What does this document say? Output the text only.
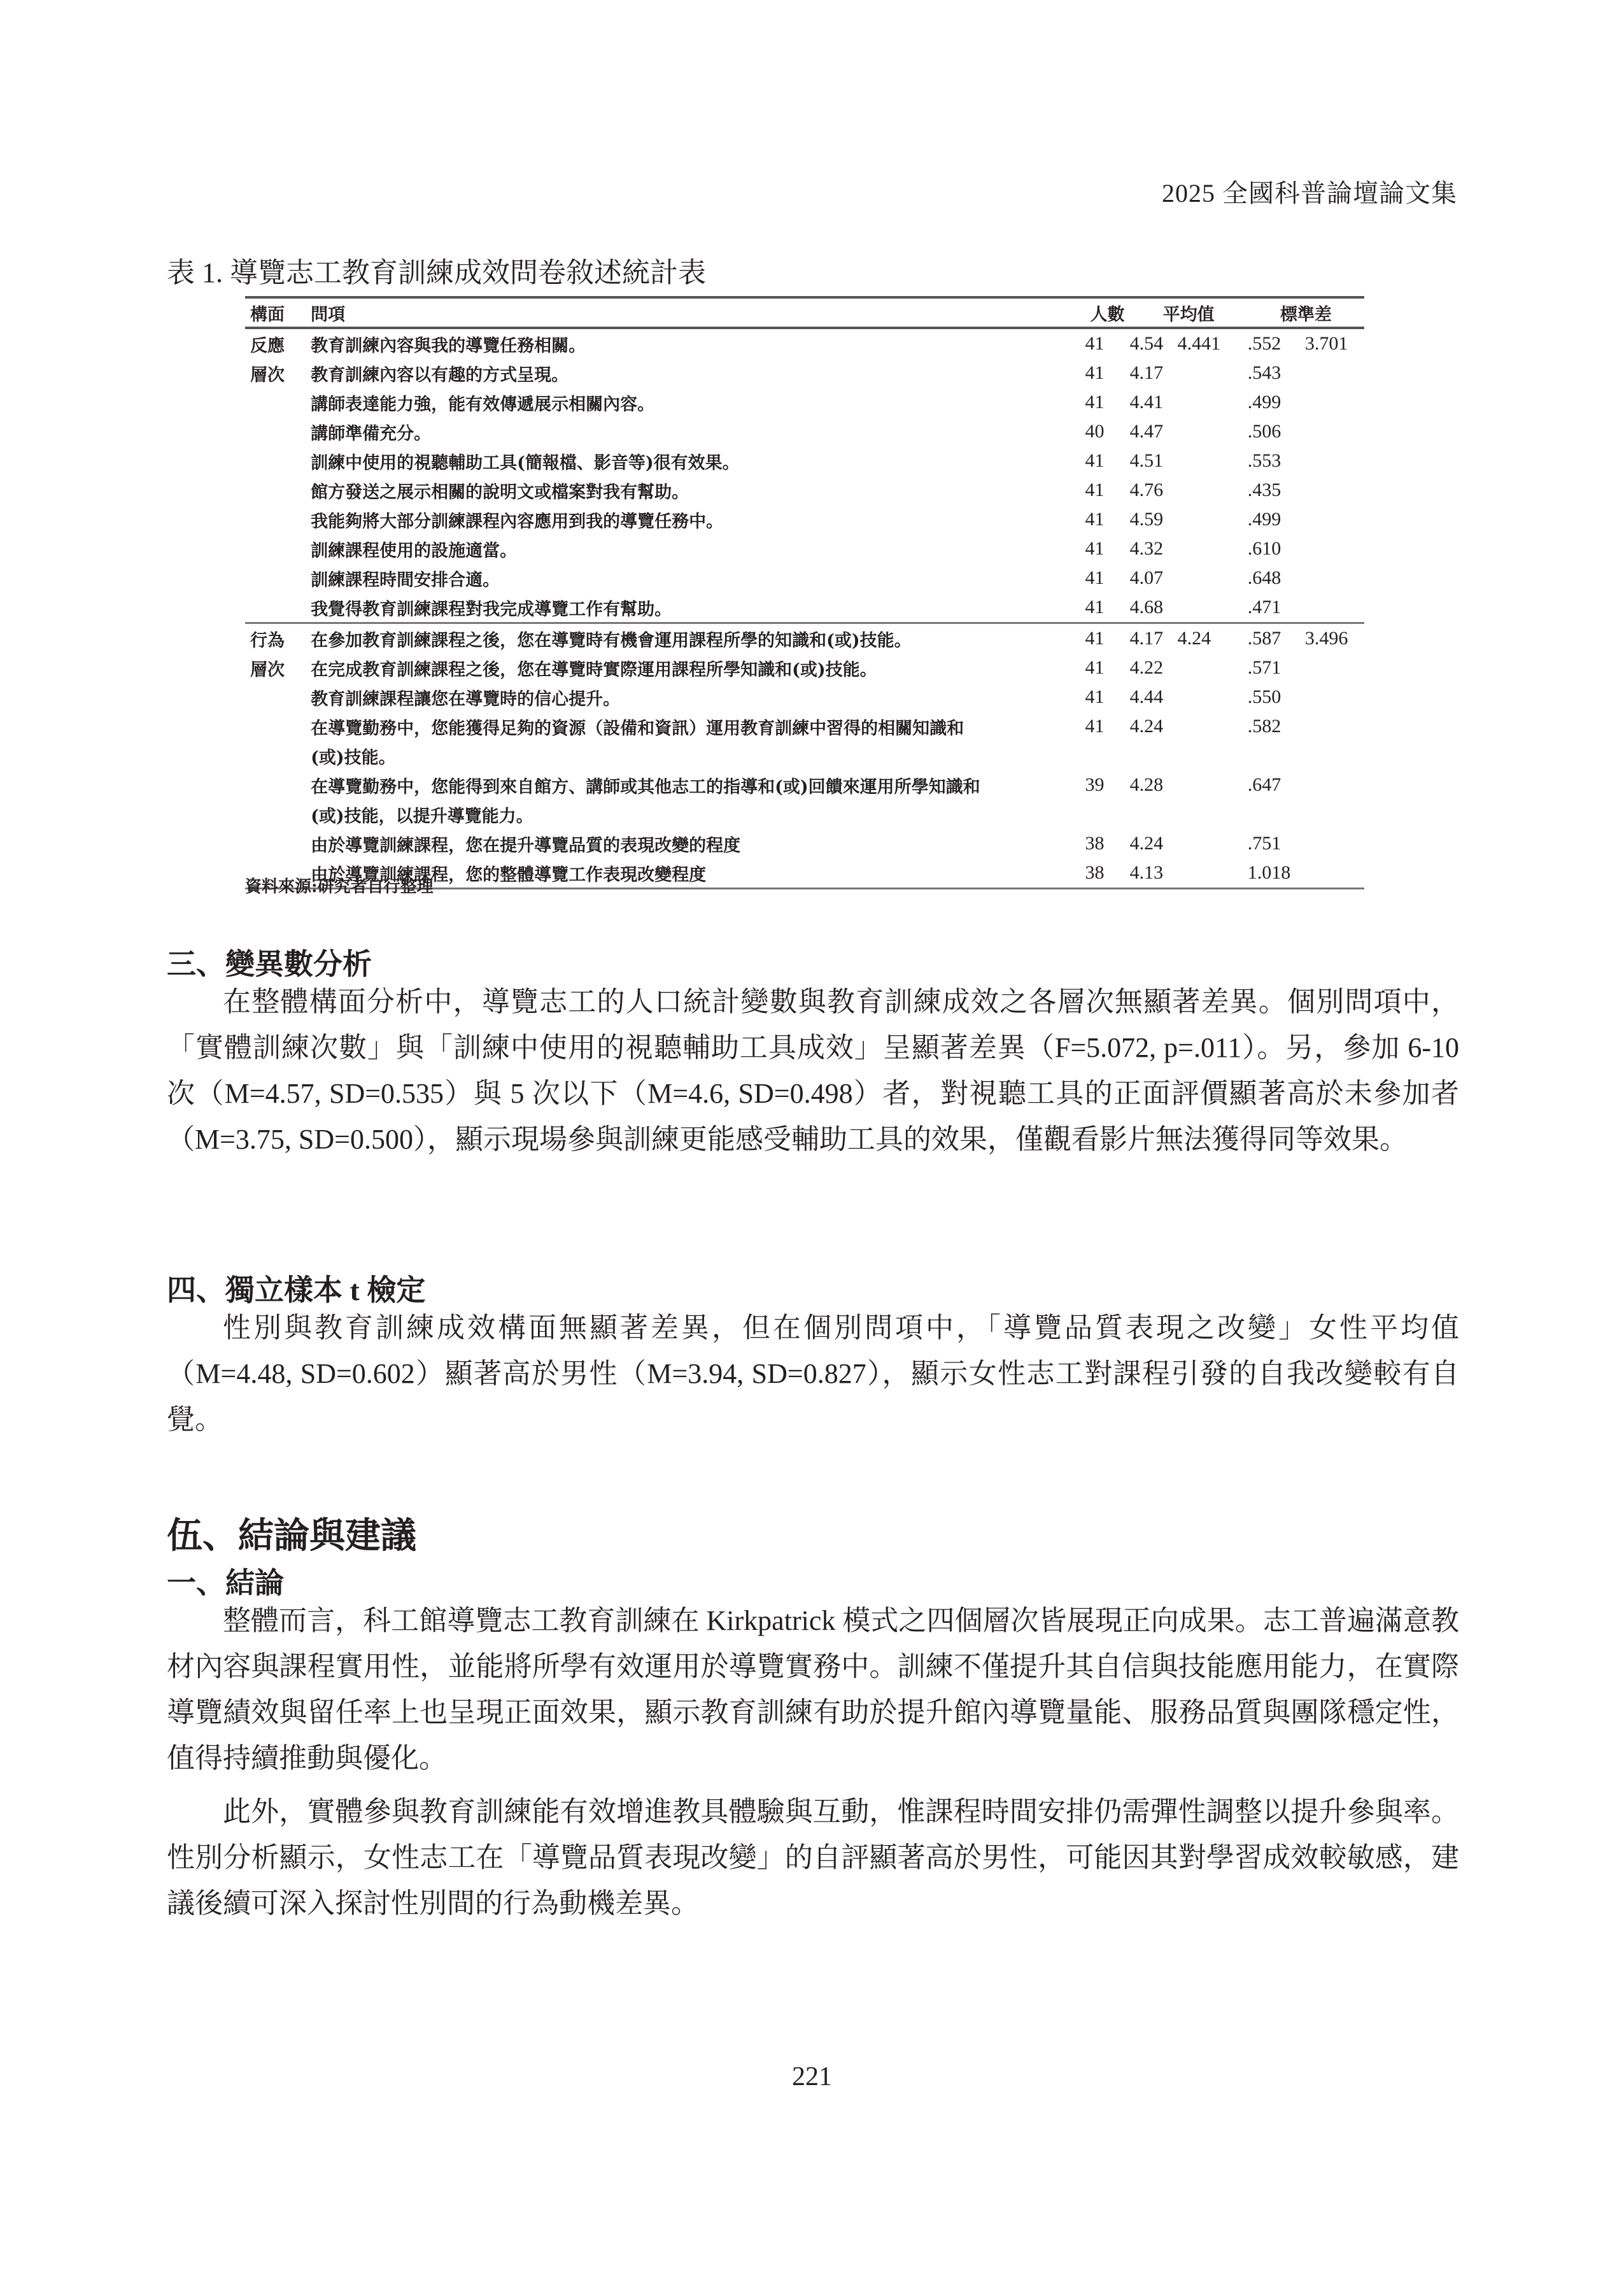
2025 全國科普論壇論文集
表 1. 導覽志工教育訓練成效問卷敘述統計表
構面	問項	人數	平均值		標準差	
反應	教育訓練內容與我的導覽任務相關。	41	4.54	4.441	.552	3.701
層次	教育訓練內容以有趣的方式呈現。	41	4.17		.543	
	講師表達能力強，能有效傳遞展示相關內容。	41	4.41		.499	
	講師準備充分。	40	4.47		.506	
	訓練中使用的視聽輔助工具(簡報檔、影音等)很有效果。	41	4.51		.553	
	館方發送之展示相關的說明文或檔案對我有幫助。	41	4.76		.435	
	我能夠將大部分訓練課程內容應用到我的導覽任務中。	41	4.59		.499	
	訓練課程使用的設施適當。	41	4.32		.610	
	訓練課程時間安排合適。	41	4.07		.648	
	我覺得教育訓練課程對我完成導覽工作有幫助。	41	4.68		.471	
行為	在參加教育訓練課程之後，您在導覽時有機會運用課程所學的知識和(或)技能。	41	4.17	4.24	.587	3.496
層次	在完成教育訓練課程之後，您在導覽時實際運用課程所學知識和(或)技能。	41	4.22		.571	
	教育訓練課程讓您在導覽時的信心提升。	41	4.44		.550	
	在導覽勤務中，您能獲得足夠的資源（設備和資訊）運用教育訓練中習得的相關知識和	41	4.24		.582	
	(或)技能。					
	在導覽勤務中，您能得到來自館方、講師或其他志工的指導和(或)回饋來運用所學知識和	39	4.28		.647	
	(或)技能，以提升導覽能力。					
	由於導覽訓練課程，您在提升導覽品質的表現改變的程度	38	4.24		.751	
	由於導覽訓練課程，您的整體導覽工作表現改變程度	38	4.13		1.018	
資料來源:研究者自行整理
三、變異數分析
在整體構面分析中，導覽志工的人口統計變數與教育訓練成效之各層次無顯著差異。個別問項中，「實體訓練次數」與「訓練中使用的視聽輔助工具成效」呈顯著差異（F=5.072, p=.011）。另，參加 6-10 次（M=4.57, SD=0.535）與 5 次以下（M=4.6, SD=0.498）者，對視聽工具的正面評價顯著高於未參加者（M=3.75, SD=0.500），顯示現場參與訓練更能感受輔助工具的效果，僅觀看影片無法獲得同等效果。
四、獨立樣本 t 檢定
性別與教育訓練成效構面無顯著差異，但在個別問項中，「導覽品質表現之改變」女性平均值（M=4.48, SD=0.602）顯著高於男性（M=3.94, SD=0.827），顯示女性志工對課程引發的自我改變較有自覺。
伍、結論與建議
一、結論
整體而言，科工館導覽志工教育訓練在 Kirkpatrick 模式之四個層次皆展現正向成果。志工普遍滿意教材內容與課程實用性，並能將所學有效運用於導覽實務中。訓練不僅提升其自信與技能應用能力，在實際導覽績效與留任率上也呈現正面效果，顯示教育訓練有助於提升館內導覽量能、服務品質與團隊穩定性，值得持續推動與優化。
此外，實體參與教育訓練能有效增進教具體驗與互動，惟課程時間安排仍需彈性調整以提升參與率。性別分析顯示，女性志工在「導覽品質表現改變」的自評顯著高於男性，可能因其對學習成效較敏感，建議後續可深入探討性別間的行為動機差異。
221
